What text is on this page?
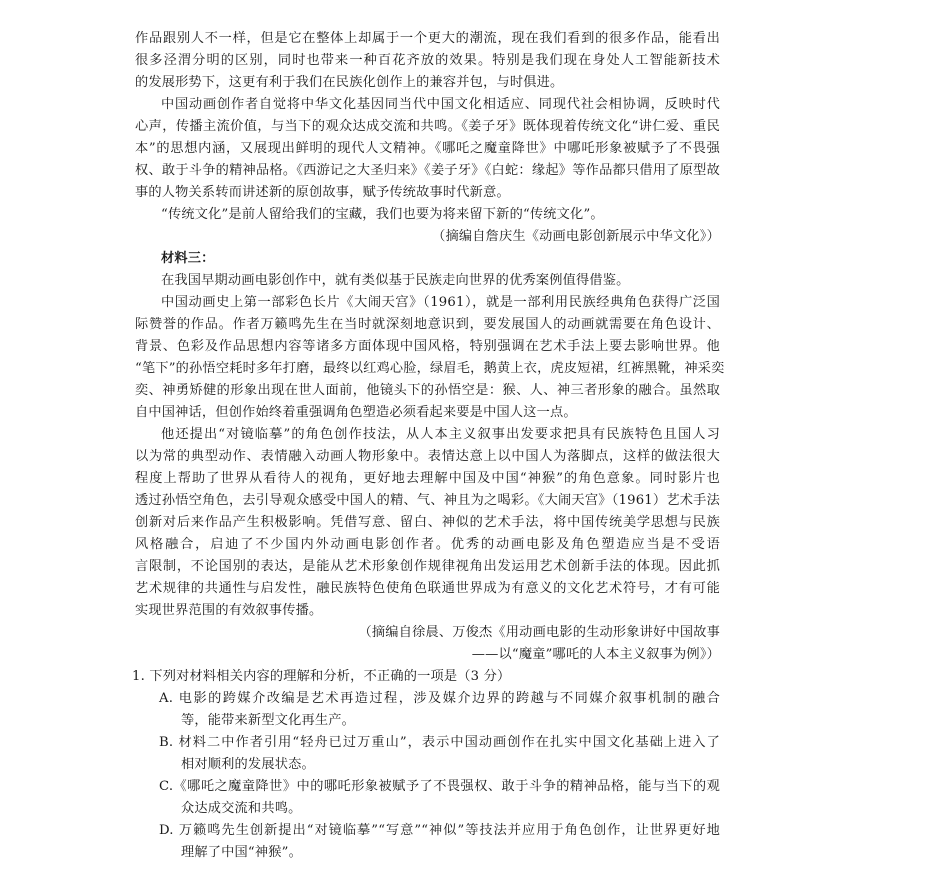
作品跟别人不一样，但是它在整体上却属于一个更大的潮流，现在我们看到的很多作品，能看出
很多泾渭分明的区别，同时也带来一种百花齐放的效果。特别是我们现在身处人工智能新技术
的发展形势下，这更有利于我们在民族化创作上的兼容并包，与时俱进。
中国动画创作者自觉将中华文化基因同当代中国文化相适应、同现代社会相协调，反映时代
心声，传播主流价值，与当下的观众达成交流和共鸣。《姜子牙》既体现着传统文化“讲仁爱、重民
本”的思想内涵，又展现出鲜明的现代人文精神。《哪吒之魔童降世》中哪吒形象被赋予了不畏强
权、敢于斗争的精神品格。《西游记之大圣归来》《姜子牙》《白蛇：缘起》等作品都只借用了原型故
事的人物关系转而讲述新的原创故事，赋予传统故事时代新意。
“传统文化”是前人留给我们的宝藏，我们也要为将来留下新的“传统文化”。
（摘编自詹庆生《动画电影创新展示中华文化》）
材料三：
在我国早期动画电影创作中，就有类似基于民族走向世界的优秀案例值得借鉴。
中国动画史上第一部彩色长片《大闹天宫》（1961），就是一部利用民族经典角色获得广泛国
际赞誉的作品。作者万籁鸣先生在当时就深刻地意识到，要发展国人的动画就需要在角色设计、
背景、色彩及作品思想内容等诸多方面体现中国风格，特别强调在艺术手法上要去影响世界。他
“笔下”的孙悟空耗时多年打磨，最终以红鸡心脸，绿眉毛，鹅黄上衣，虎皮短裙，红裤黑靴，神采奕
奕、神勇矫健的形象出现在世人面前，他镜头下的孙悟空是：猴、人、神三者形象的融合。虽然取
自中国神话，但创作始终着重强调角色塑造必须看起来要是中国人这一点。
他还提出“对镜临摹”的角色创作技法，从人本主义叙事出发要求把具有民族特色且国人习
以为常的典型动作、表情融入动画人物形象中。表情达意上以中国人为落脚点，这样的做法很大
程度上帮助了世界从看待人的视角，更好地去理解中国及中国“神猴”的角色意象。同时影片也
透过孙悟空角色，去引导观众感受中国人的精、气、神且为之喝彩。《大闹天宫》（1961）艺术手法
创新对后来作品产生积极影响。凭借写意、留白、神似的艺术手法，将中国传统美学思想与民族
风格融合，启迪了不少国内外动画电影创作者。优秀的动画电影及角色塑造应当是不受语
言限制，不论国别的表达，是能从艺术形象创作规律视角出发运用艺术创新手法的体现。因此抓
艺术规律的共通性与启发性，融民族特色使角色联通世界成为有意义的文化艺术符号，才有可能
实现世界范围的有效叙事传播。
（摘编自徐晨、万俊杰《用动画电影的生动形象讲好中国故事
——以“魔童”哪吒的人本主义叙事为例》）
1. 下列对材料相关内容的理解和分析，不正确的一项是（3 分）
A. 电影的跨媒介改编是艺术再造过程，涉及媒介边界的跨越与不同媒介叙事机制的融合
等，能带来新型文化再生产。
B. 材料二中作者引用“轻舟已过万重山”，表示中国动画创作在扎实中国文化基础上进入了
相对顺利的发展状态。
C.《哪吒之魔童降世》中的哪吒形象被赋予了不畏强权、敢于斗争的精神品格，能与当下的观
众达成交流和共鸣。
D. 万籁鸣先生创新提出“对镜临摹”“写意”“神似”等技法并应用于角色创作，让世界更好地
理解了中国“神猴”。
